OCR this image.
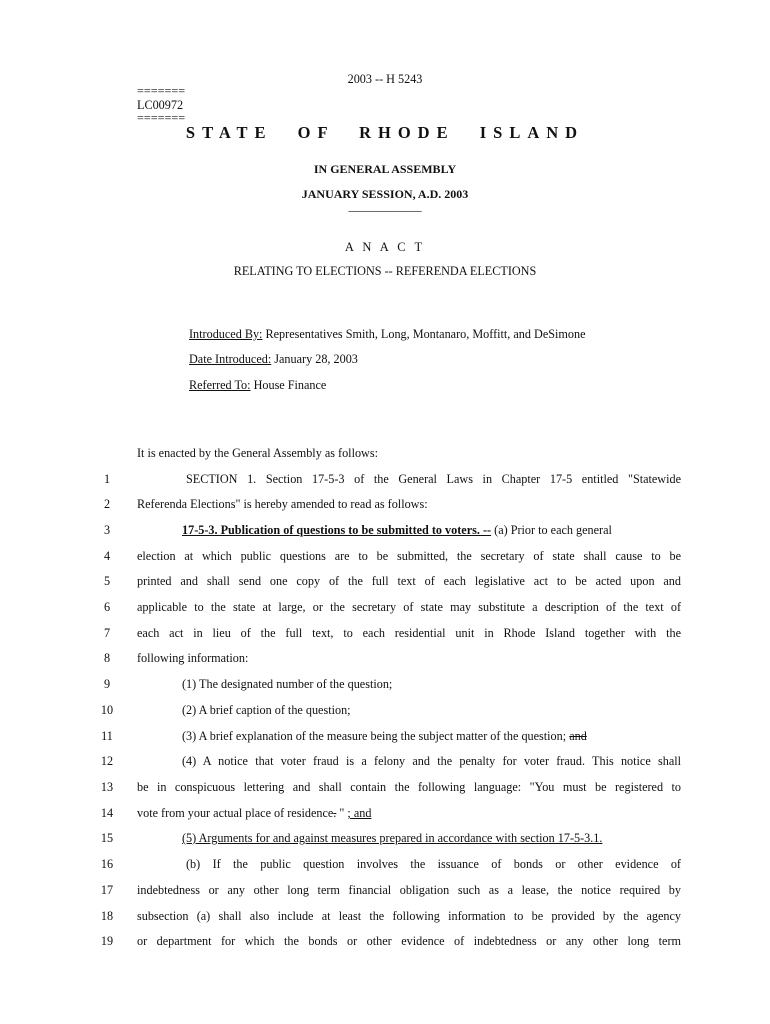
2003 -- H 5243
=======
LC00972
=======
STATE OF RHODE ISLAND
IN GENERAL ASSEMBLY
JANUARY SESSION, A.D. 2003
____________
A N A C T
RELATING TO ELECTIONS -- REFERENDA ELECTIONS
Introduced By: Representatives Smith, Long, Montanaro, Moffitt, and DeSimone
Date Introduced: January 28, 2003
Referred To: House Finance
It is enacted by the General Assembly as follows:
1
2
3
4
5
6
7
8
9
10
11
12
13
14
15
16
17
18
19
SECTION 1. Section 17-5-3 of the General Laws in Chapter 17-5 entitled "Statewide
Referenda Elections" is hereby amended to read as follows:
17-5-3. Publication of questions to be submitted to voters. -- (a) Prior to each general
election at which public questions are to be submitted, the secretary of state shall cause to be
printed and shall send one copy of the full text of each legislative act to be acted upon and
applicable to the state at large, or the secretary of state may substitute a description of the text of
each act in lieu of the full text, to each residential unit in Rhode Island together with the
following information:
(1) The designated number of the question;
(2) A brief caption of the question;
(3) A brief explanation of the measure being the subject matter of the question; and
(4) A notice that voter fraud is a felony and the penalty for voter fraud. This notice shall
be in conspicuous lettering and shall contain the following language: "You must be registered to
vote from your actual place of residence. " ; and
(5) Arguments for and against measures prepared in accordance with section 17-5-3.1.
(b) If the public question involves the issuance of bonds or other evidence of
indebtedness or any other long term financial obligation such as a lease, the notice required by
subsection (a) shall also include at least the following information to be provided by the agency
or department for which the bonds or other evidence of indebtedness or any other long term
